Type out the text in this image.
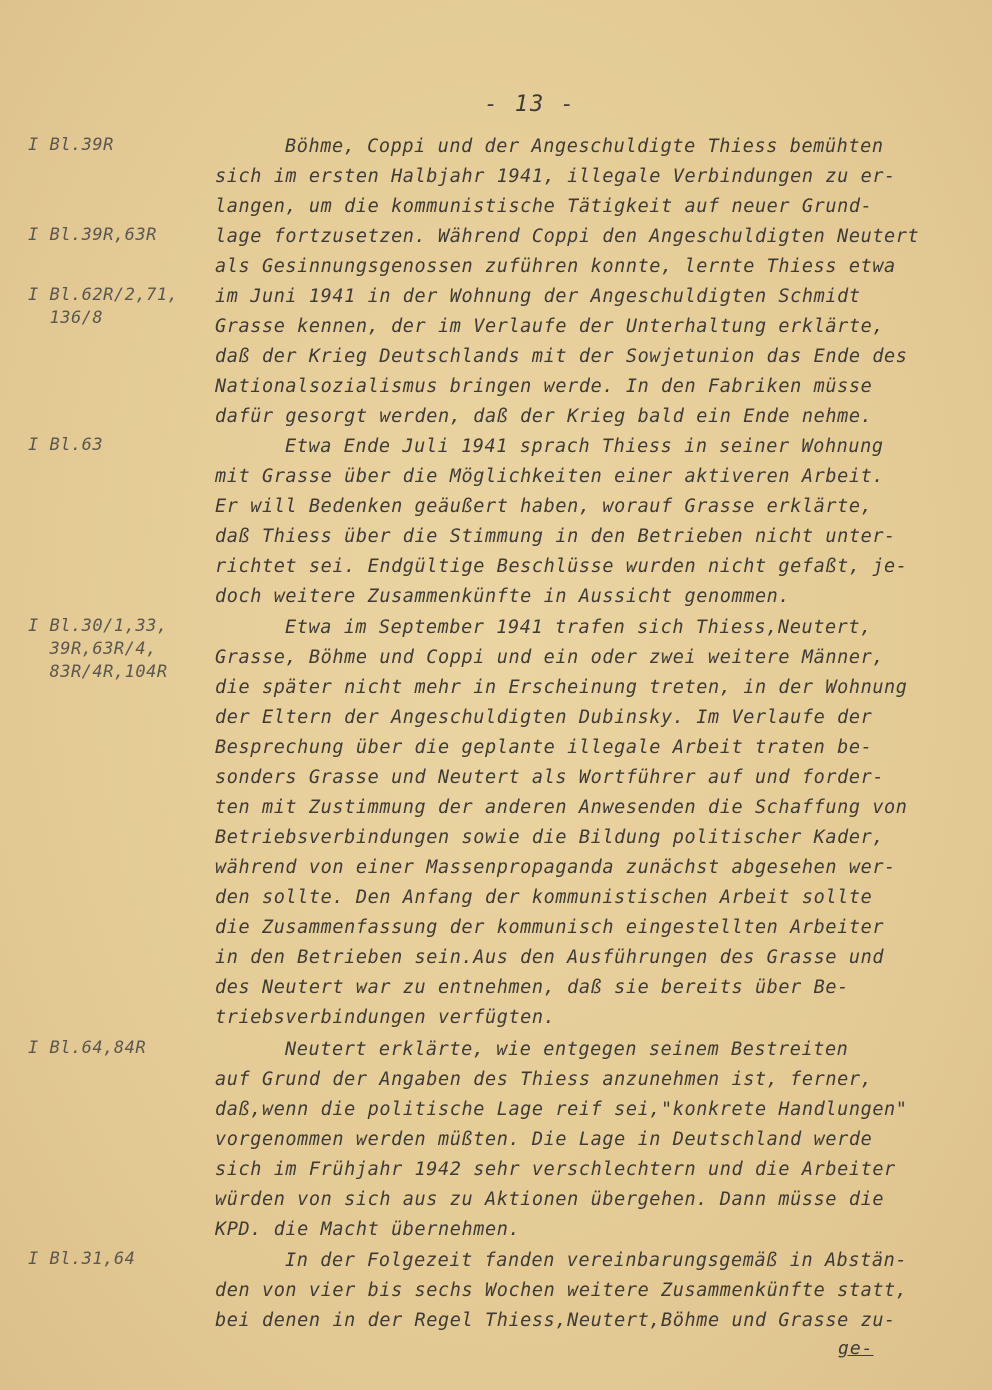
- 13 -
I Bl.39R	Böhme, Coppi und der Angeschuldigte Thiess bemühten
sich im ersten Halbjahr 1941, illegale Verbindungen zu er-
langen, um die kommunistische Tätigkeit auf neuer Grund-
I Bl.39R,63R	lage fortzusetzen. Während Coppi den Angeschuldigten Neutert
als Gesinnungsgenossen zuführen konnte, lernte Thiess etwa
I Bl.62R/2,71,
136/8
im Juni 1941 in der Wohnung der Angeschuldigten Schmidt
Grasse kennen, der im Verlaufe der Unterhaltung erklärte,
daß der Krieg Deutschlands mit der Sowjetunion das Ende des
Nationalsozialismus bringen werde. In den Fabriken müsse
dafür gesorgt werden, daß der Krieg bald ein Ende nehme.
I Bl.63	Etwa Ende Juli 1941 sprach Thiess in seiner Wohnung
mit Grasse über die Möglichkeiten einer aktiveren Arbeit.
Er will Bedenken geäußert haben, worauf Grasse erklärte,
daß Thiess über die Stimmung in den Betrieben nicht unter-
richtet sei. Endgültige Beschlüsse wurden nicht gefaßt, je-
doch weitere Zusammenkünfte in Aussicht genommen.
I Bl.30/1,33,
39R,63R/4,
83R/4R,104R
Etwa im September 1941 trafen sich Thiess,Neutert,
Grasse, Böhme und Coppi und ein oder zwei weitere Männer,
die später nicht mehr in Erscheinung treten, in der Wohnung
der Eltern der Angeschuldigten Dubinsky. Im Verlaufe der
Besprechung über die geplante illegale Arbeit traten be-
sonders Grasse und Neutert als Wortführer auf und forder-
ten mit Zustimmung der anderen Anwesenden die Schaffung von
Betriebsverbindungen sowie die Bildung politischer Kader,
während von einer Massenpropaganda zunächst abgesehen wer-
den sollte. Den Anfang der kommunistischen Arbeit sollte
die Zusammenfassung der kommunisch eingestellten Arbeiter
in den Betrieben sein.Aus den Ausführungen des Grasse und
des Neutert war zu entnehmen, daß sie bereits über Be-
triebsverbindungen verfügten.
I Bl.64,84R	Neutert erklärte, wie entgegen seinem Bestreiten
auf Grund der Angaben des Thiess anzunehmen ist, ferner,
daß,wenn die politische Lage reif sei,"konkrete Handlungen"
vorgenommen werden müßten. Die Lage in Deutschland werde
sich im Frühjahr 1942 sehr verschlechtern und die Arbeiter
würden von sich aus zu Aktionen übergehen. Dann müsse die
KPD. die Macht übernehmen.
I Bl.31,64	In der Folgezeit fanden vereinbarungsgemäß in Abstän-
den von vier bis sechs Wochen weitere Zusammenkünfte statt,
bei denen in der Regel Thiess,Neutert,Böhme und Grasse zu-
ge-
